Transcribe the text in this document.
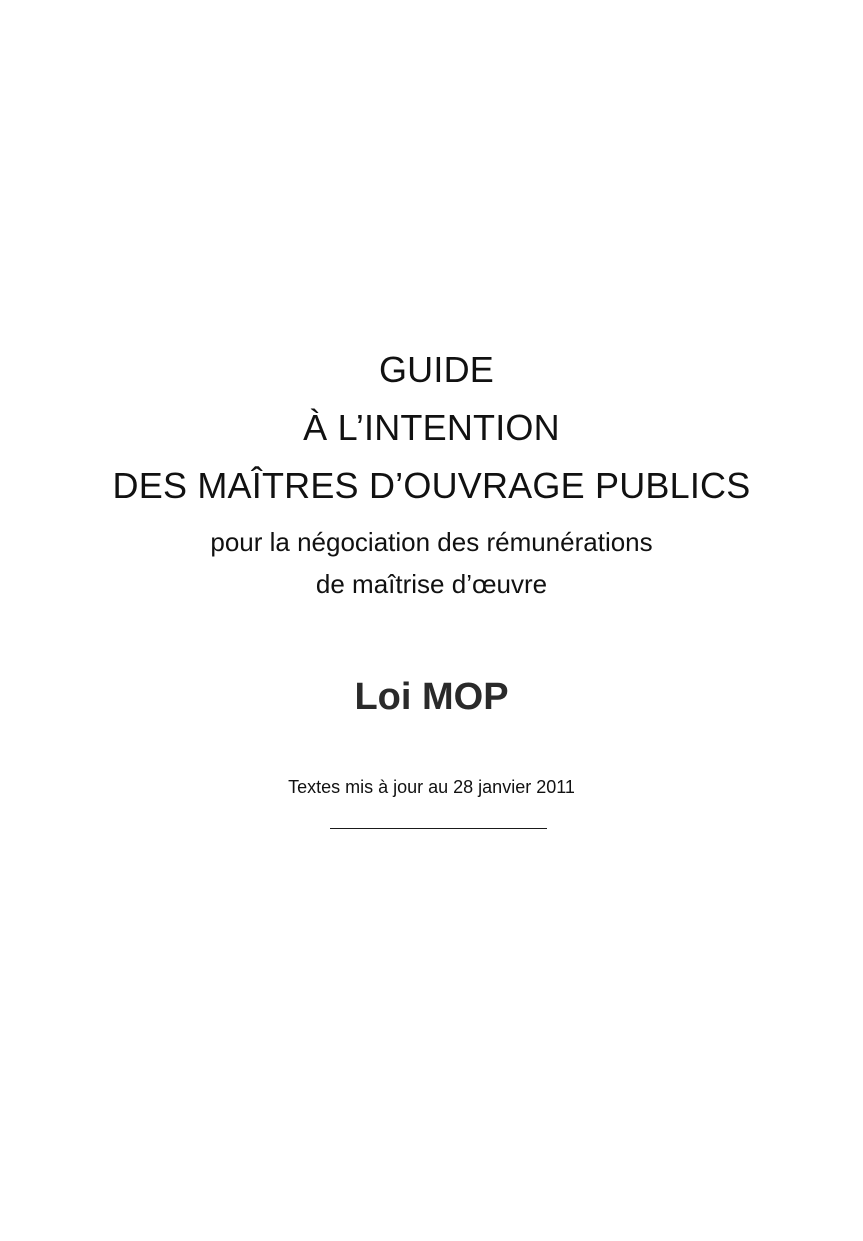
GUIDE
À L’INTENTION
DES MAÎTRES D’OUVRAGE PUBLICS
pour la négociation des rémunérations
de maîtrise d’œuvre
Loi MOP
Textes mis à jour au 28 janvier 2011
